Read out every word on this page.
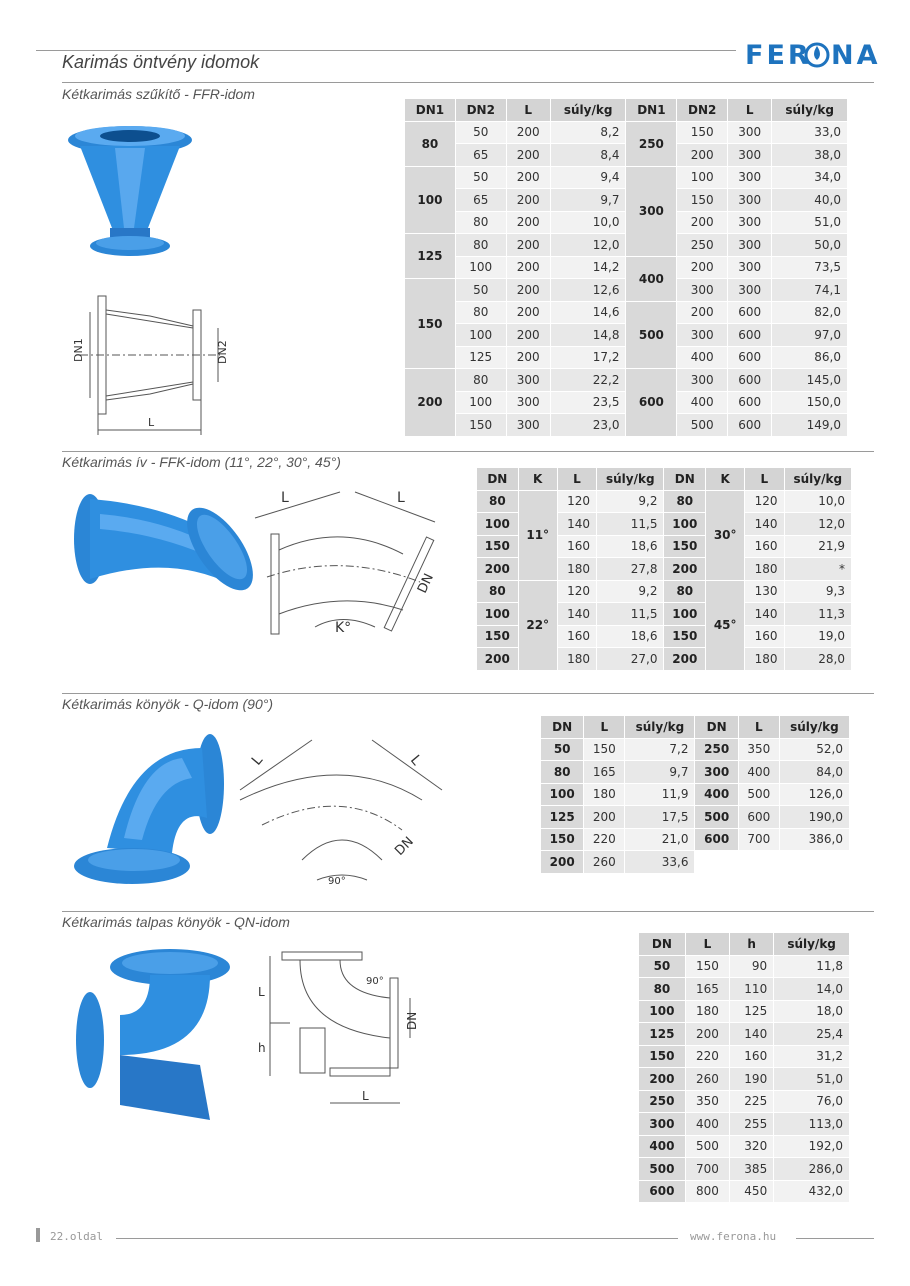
Karimás öntvény idomok	FER NA
Kétkarimás szűkítő - FFR-idom
DN1	DN2
L
DN1	DN2	L	súly/kg	DN1	DN2	L	súly/kg
80	50	200	8,2	250	150	300	33,0
	65	200	8,4		200	300	38,0
100	50	200	9,4	300	100	300	34,0
	65	200	9,7		150	300	40,0
	80	200	10,0		200	300	51,0
125	80	200	12,0		250	300	50,0
	100	200	14,2	400	200	300	73,5
150	50	200	12,6		300	300	74,1
	80	200	14,6	500	200	600	82,0
	100	200	14,8		300	600	97,0
	125	200	17,2		400	600	86,0
200	80	300	22,2	600	300	600	145,0
	100	300	23,5		400	600	150,0
	150	300	23,0		500	600	149,0
Kétkarimás ív - FFK-idom (11°, 22°, 30°, 45°)
L	L
K°
DN
DN	K	L	súly/kg	DN	K	L	súly/kg
80	11°	120	9,2	80	30°	120	10,0
100		140	11,5	100		140	12,0
150		160	18,6	150		160	21,9
200		180	27,8	200		180	*
80	22°	120	9,2	80	45°	130	9,3
100		140	11,5	100		140	11,3
150		160	18,6	150		160	19,0
200		180	27,0	200		180	28,0
Kétkarimás könyök - Q-idom (90°)
L	L
90°
DN
DN	L	súly/kg	DN	L	súly/kg
50	150	7,2	250	350	52,0
80	165	9,7	300	400	84,0
100	180	11,9	400	500	126,0
125	200	17,5	500	600	190,0
150	220	21,0	600	700	386,0
200	260	33,6			
Kétkarimás talpas könyök - QN-idom
L
h
L
90°
DN
DN	L	h	súly/kg
50	150	90	11,8
80	165	110	14,0
100	180	125	18,0
125	200	140	25,4
150	220	160	31,2
200	260	190	51,0
250	350	225	76,0
300	400	255	113,0
400	500	320	192,0
500	700	385	286,0
600	800	450	432,0
22.oldal	www.ferona.hu
